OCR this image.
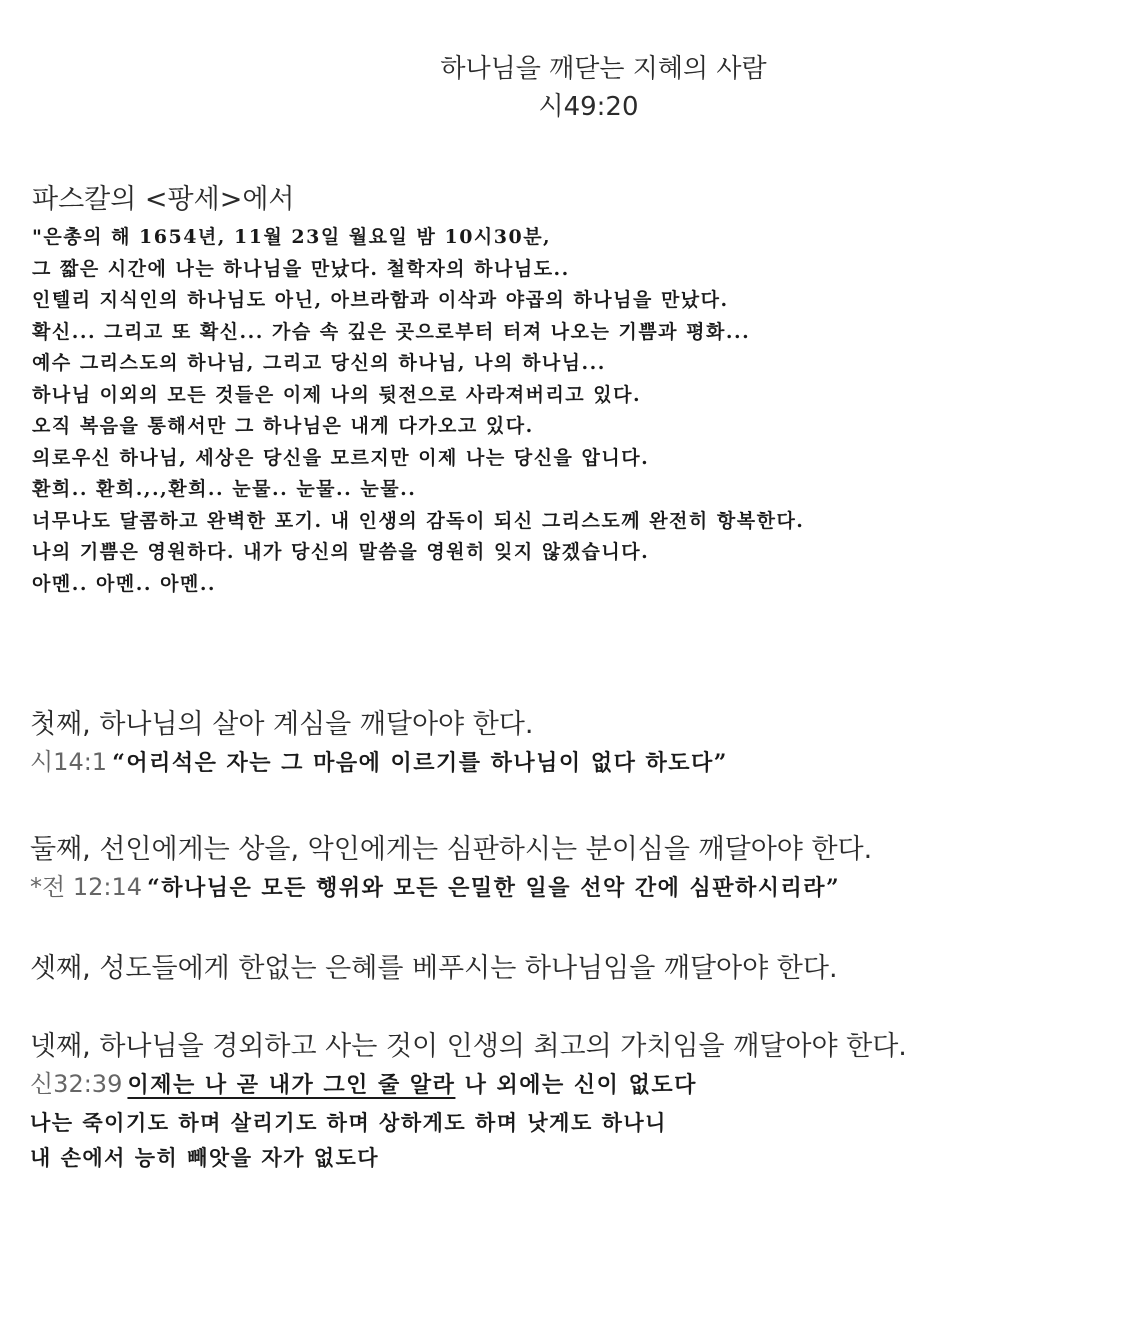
하나님을 깨닫는 지혜의 사람
시49:20
파스칼의 <팡세>에서
"은총의 해 1654년, 11월 23일 월요일 밤 10시30분,
그 짧은 시간에 나는 하나님을 만났다. 철학자의 하나님도..
인텔리 지식인의 하나님도 아닌, 아브라함과 이삭과 야곱의 하나님을 만났다.
확신... 그리고 또 확신... 가슴 속 깊은 곳으로부터 터져 나오는 기쁨과 평화...
예수 그리스도의 하나님, 그리고 당신의 하나님, 나의 하나님...
하나님 이외의 모든 것들은 이제 나의 뒷전으로 사라져버리고 있다.
오직 복음을 통해서만 그 하나님은 내게 다가오고 있다.
의로우신 하나님, 세상은 당신을 모르지만 이제 나는 당신을 압니다.
환희.. 환희.,.,환희.. 눈물.. 눈물.. 눈물..
너무나도 달콤하고 완벽한 포기. 내 인생의 감독이 되신 그리스도께 완전히 항복한다.
나의 기쁨은 영원하다. 내가 당신의 말씀을 영원히 잊지 않겠습니다.
아멘.. 아멘.. 아멘..
첫째, 하나님의 살아 계심을 깨달아야 한다.
시14:1 “어리석은 자는 그 마음에 이르기를 하나님이 없다 하도다”
둘째, 선인에게는 상을, 악인에게는 심판하시는 분이심을 깨달아야 한다.
*전 12:14 “하나님은 모든 행위와 모든 은밀한 일을 선악 간에 심판하시리라”
셋째, 성도들에게 한없는 은혜를 베푸시는 하나님임을 깨달아야 한다.
넷째, 하나님을 경외하고 사는 것이 인생의 최고의 가치임을 깨달아야 한다.
신32:39 이제는 나 곧 내가 그인 줄 알라 나 외에는 신이 없도다
나는 죽이기도 하며 살리기도 하며 상하게도 하며 낫게도 하나니
내 손에서 능히 빼앗을 자가 없도다
